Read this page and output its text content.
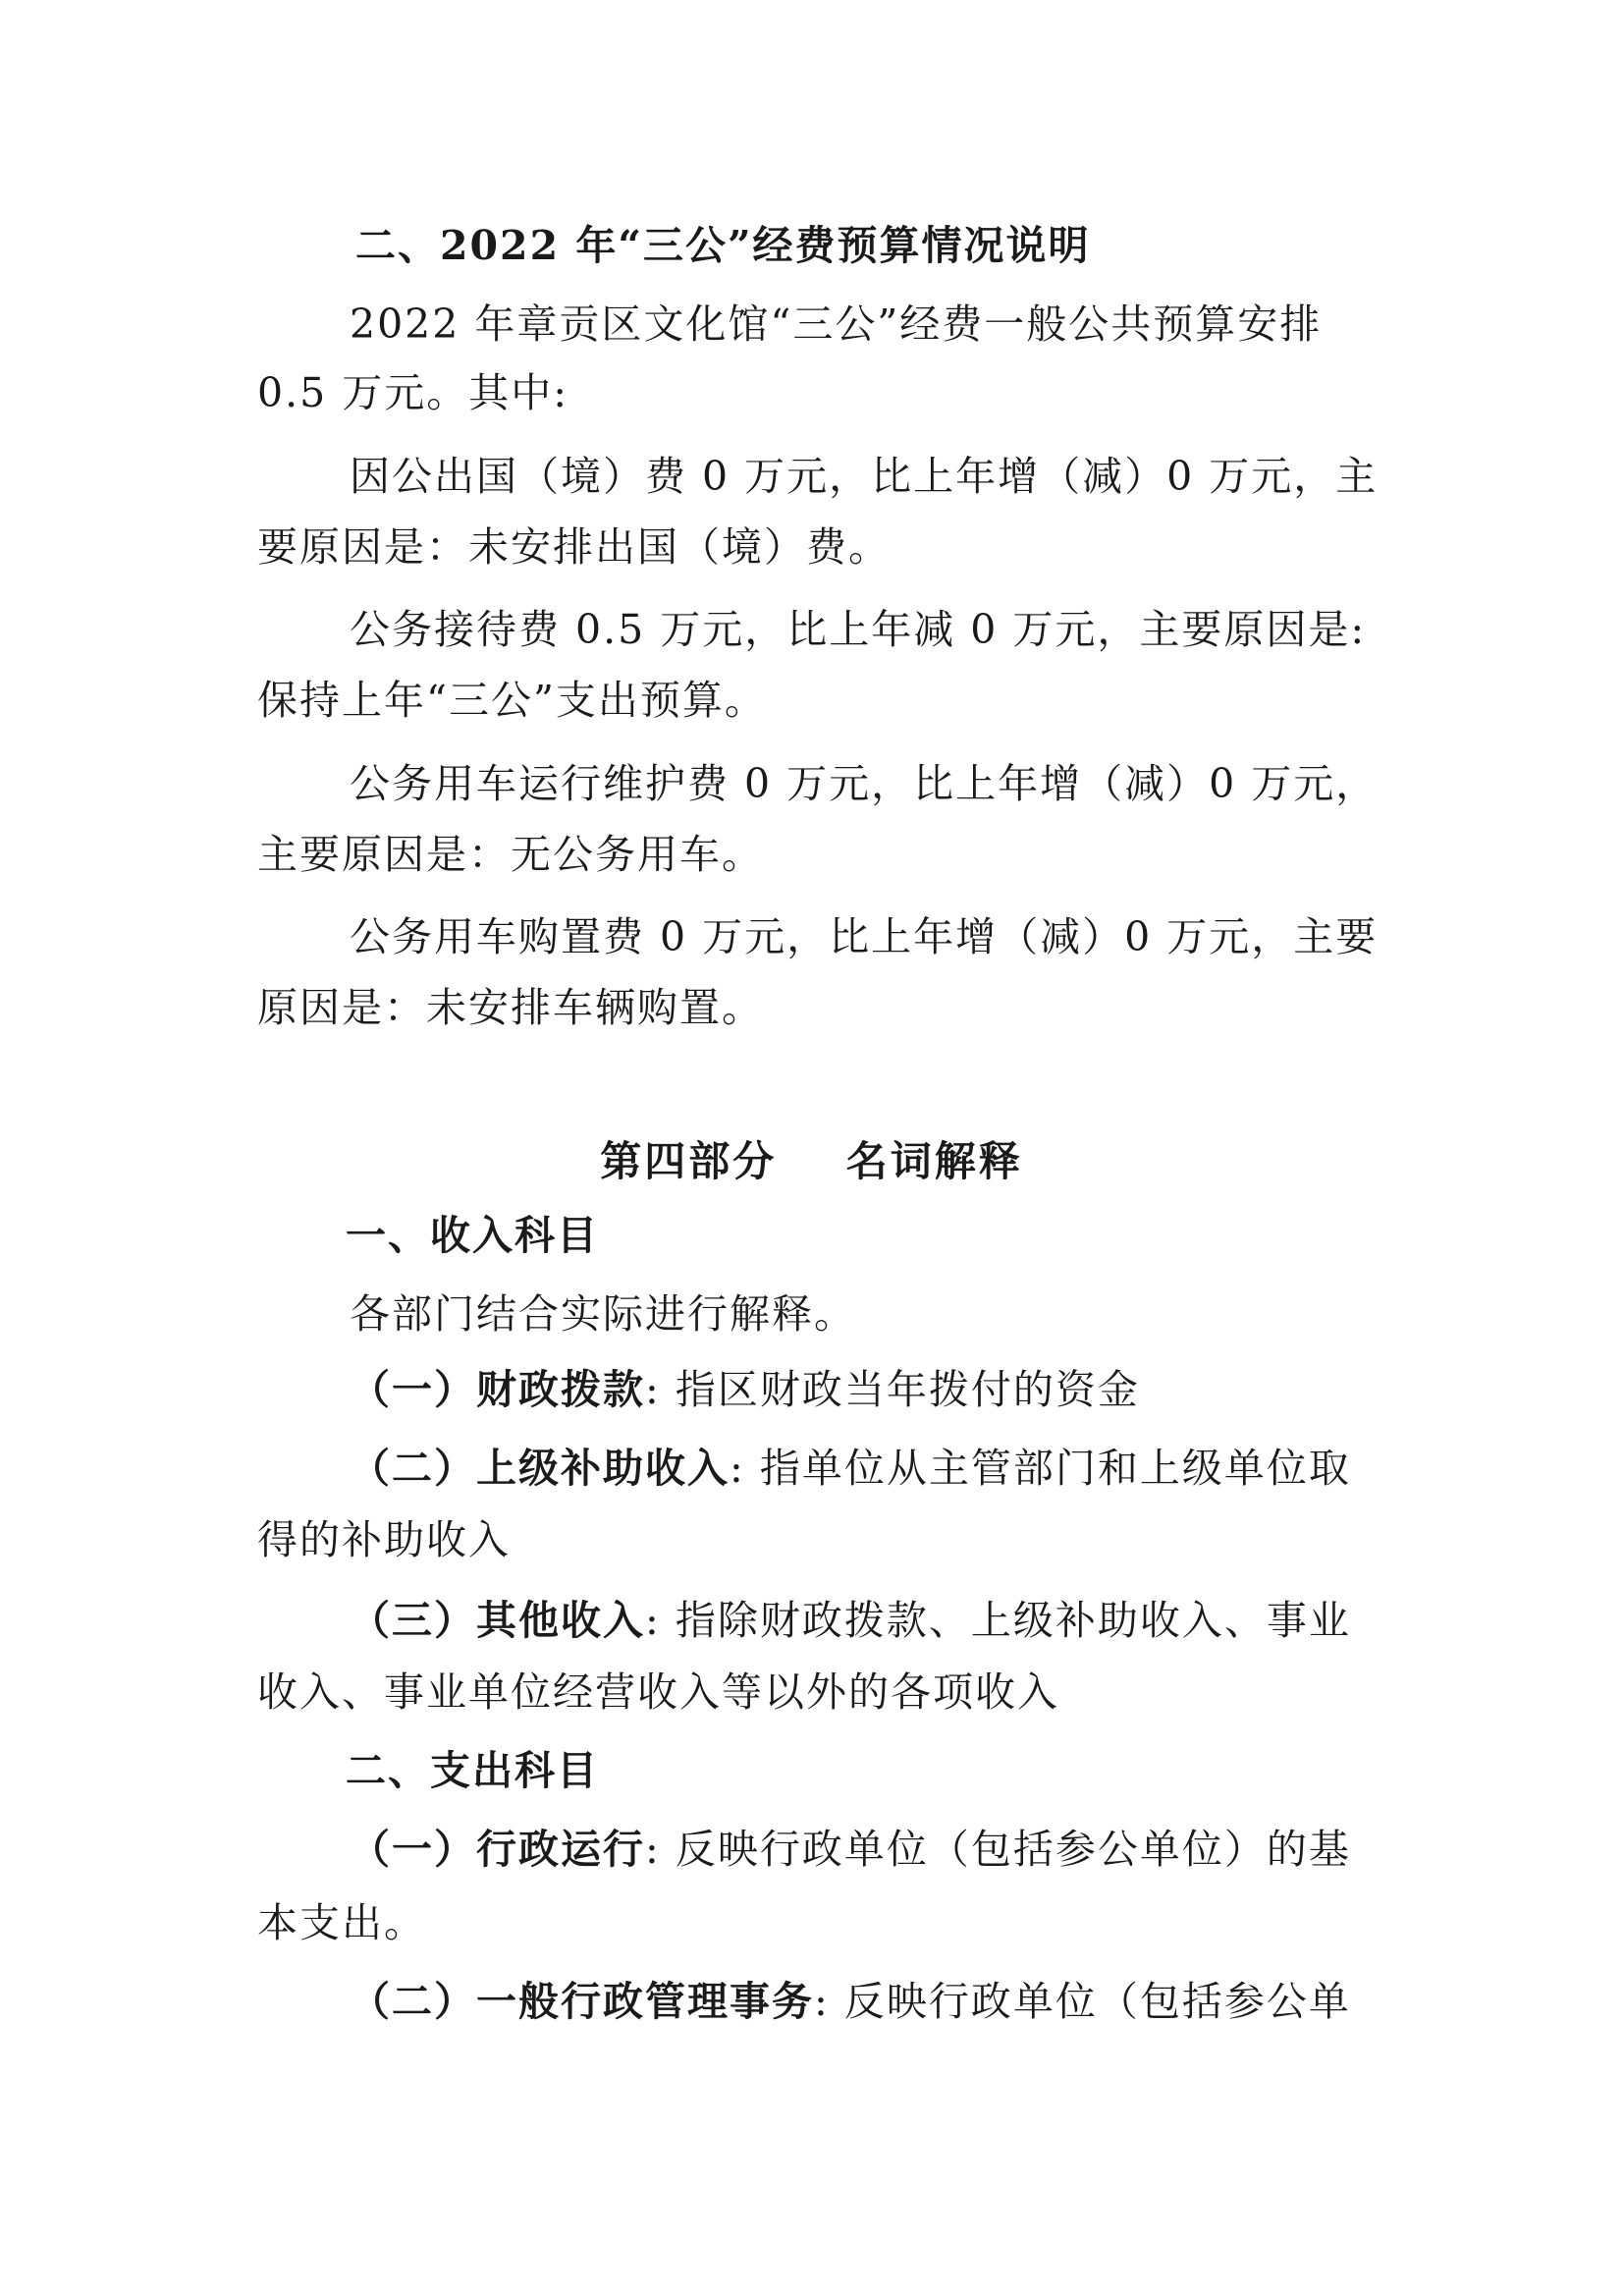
二、2022 年“三公”经费预算情况说明
2022 年章贡区文化馆“三公”经费一般公共预算安排
0.5 万元。其中:
因公出国（境）费 0 万元，比上年增（减）0 万元，主
要原因是：未安排出国（境）费。
公务接待费 0.5 万元，比上年减 0 万元，主要原因是:
保持上年“三公”支出预算。
公务用车运行维护费 0 万元，比上年增（减）0 万元，
主要原因是：无公务用车。
公务用车购置费 0 万元，比上年增（减）0 万元，主要
原因是：未安排车辆购置。
第四部分    名词解释
一、收入科目
各部门结合实际进行解释。
（一）财政拨款: 指区财政当年拨付的资金
（二）上级补助收入: 指单位从主管部门和上级单位取
得的补助收入
（三）其他收入: 指除财政拨款、上级补助收入、事业
收入、事业单位经营收入等以外的各项收入
二、支出科目
（一）行政运行: 反映行政单位（包括参公单位）的基
本支出。
（二）一般行政管理事务: 反映行政单位（包括参公单
